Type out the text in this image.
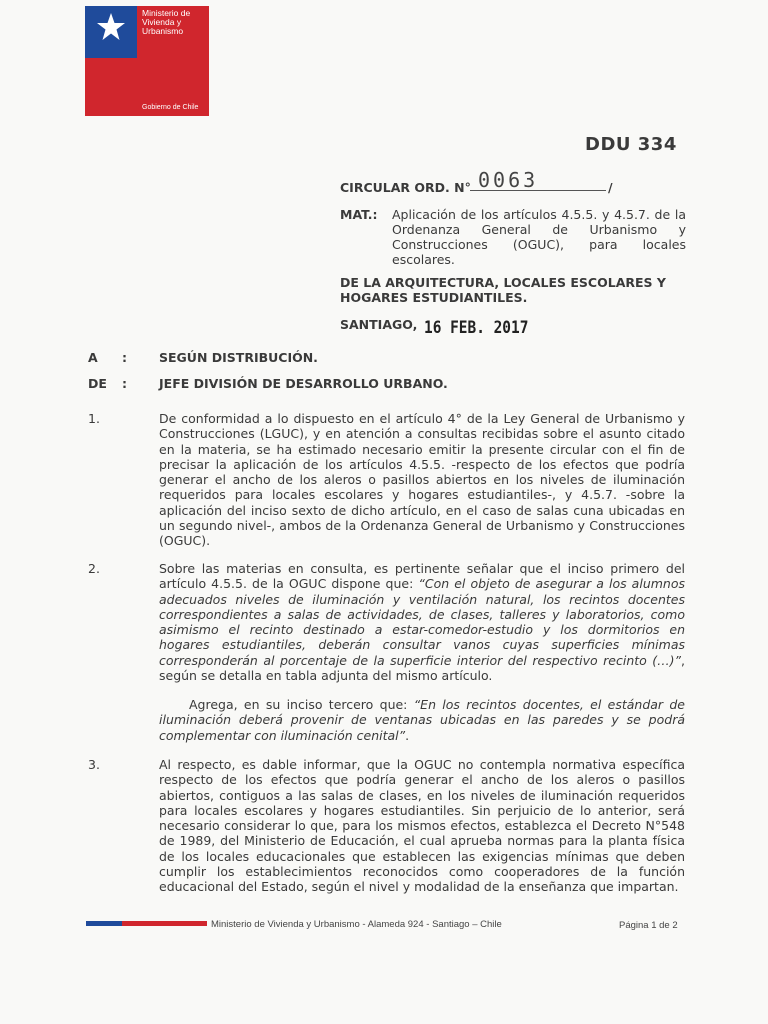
Ministerio de
Vivienda y
Urbanismo
Gobierno de Chile
DDU 334
CIRCULAR ORD. N° 0063	/
MAT.: Aplicación de los artículos 4.5.5. y 4.5.7. de la Ordenanza General de Urbanismo y Construcciones (OGUC), para locales escolares.
DE LA ARQUITECTURA, LOCALES ESCOLARES Y HOGARES ESTUDIANTILES.
SANTIAGO, 16 FEB. 2017
A :	SEGÚN DISTRIBUCIÓN.
DE :	JEFE DIVISIÓN DE DESARROLLO URBANO.
1.	De conformidad a lo dispuesto en el artículo 4° de la Ley General de Urbanismo y Construcciones (LGUC), y en atención a consultas recibidas sobre el asunto citado en la materia, se ha estimado necesario emitir la presente circular con el fin de precisar la aplicación de los artículos 4.5.5. -respecto de los efectos que podría generar el ancho de los aleros o pasillos abiertos en los niveles de iluminación requeridos para locales escolares y hogares estudiantiles-, y 4.5.7. -sobre la aplicación del inciso sexto de dicho artículo, en el caso de salas cuna ubicadas en un segundo nivel-, ambos de la Ordenanza General de Urbanismo y Construcciones (OGUC).

2.	Sobre las materias en consulta, es pertinente señalar que el inciso primero del artículo 4.5.5. de la OGUC dispone que: “Con el objeto de asegurar a los alumnos adecuados niveles de iluminación y ventilación natural, los recintos docentes correspondientes a salas de actividades, de clases, talleres y laboratorios, como asimismo el recinto destinado a estar-comedor-estudio y los dormitorios en hogares estudiantiles, deberán consultar vanos cuyas superficies mínimas corresponderán al porcentaje de la superficie interior del respectivo recinto (…)”, según se detalla en tabla adjunta del mismo artículo.

Agrega, en su inciso tercero que: “En los recintos docentes, el estándar de iluminación deberá provenir de ventanas ubicadas en las paredes y se podrá complementar con iluminación cenital”.

3.	Al respecto, es dable informar, que la OGUC no contempla normativa específica respecto de los efectos que podría generar el ancho de los aleros o pasillos abiertos, contiguos a las salas de clases, en los niveles de iluminación requeridos para locales escolares y hogares estudiantiles. Sin perjuicio de lo anterior, será necesario considerar lo que, para los mismos efectos, establezca el Decreto N°548 de 1989, del Ministerio de Educación, el cual aprueba normas para la planta física de los locales educacionales que establecen las exigencias mínimas que deben cumplir los establecimientos reconocidos como cooperadores de la función educacional del Estado, según el nivel y modalidad de la enseñanza que impartan.

Ministerio de Vivienda y Urbanismo - Alameda 924 - Santiago – Chile	Página 1 de 2
